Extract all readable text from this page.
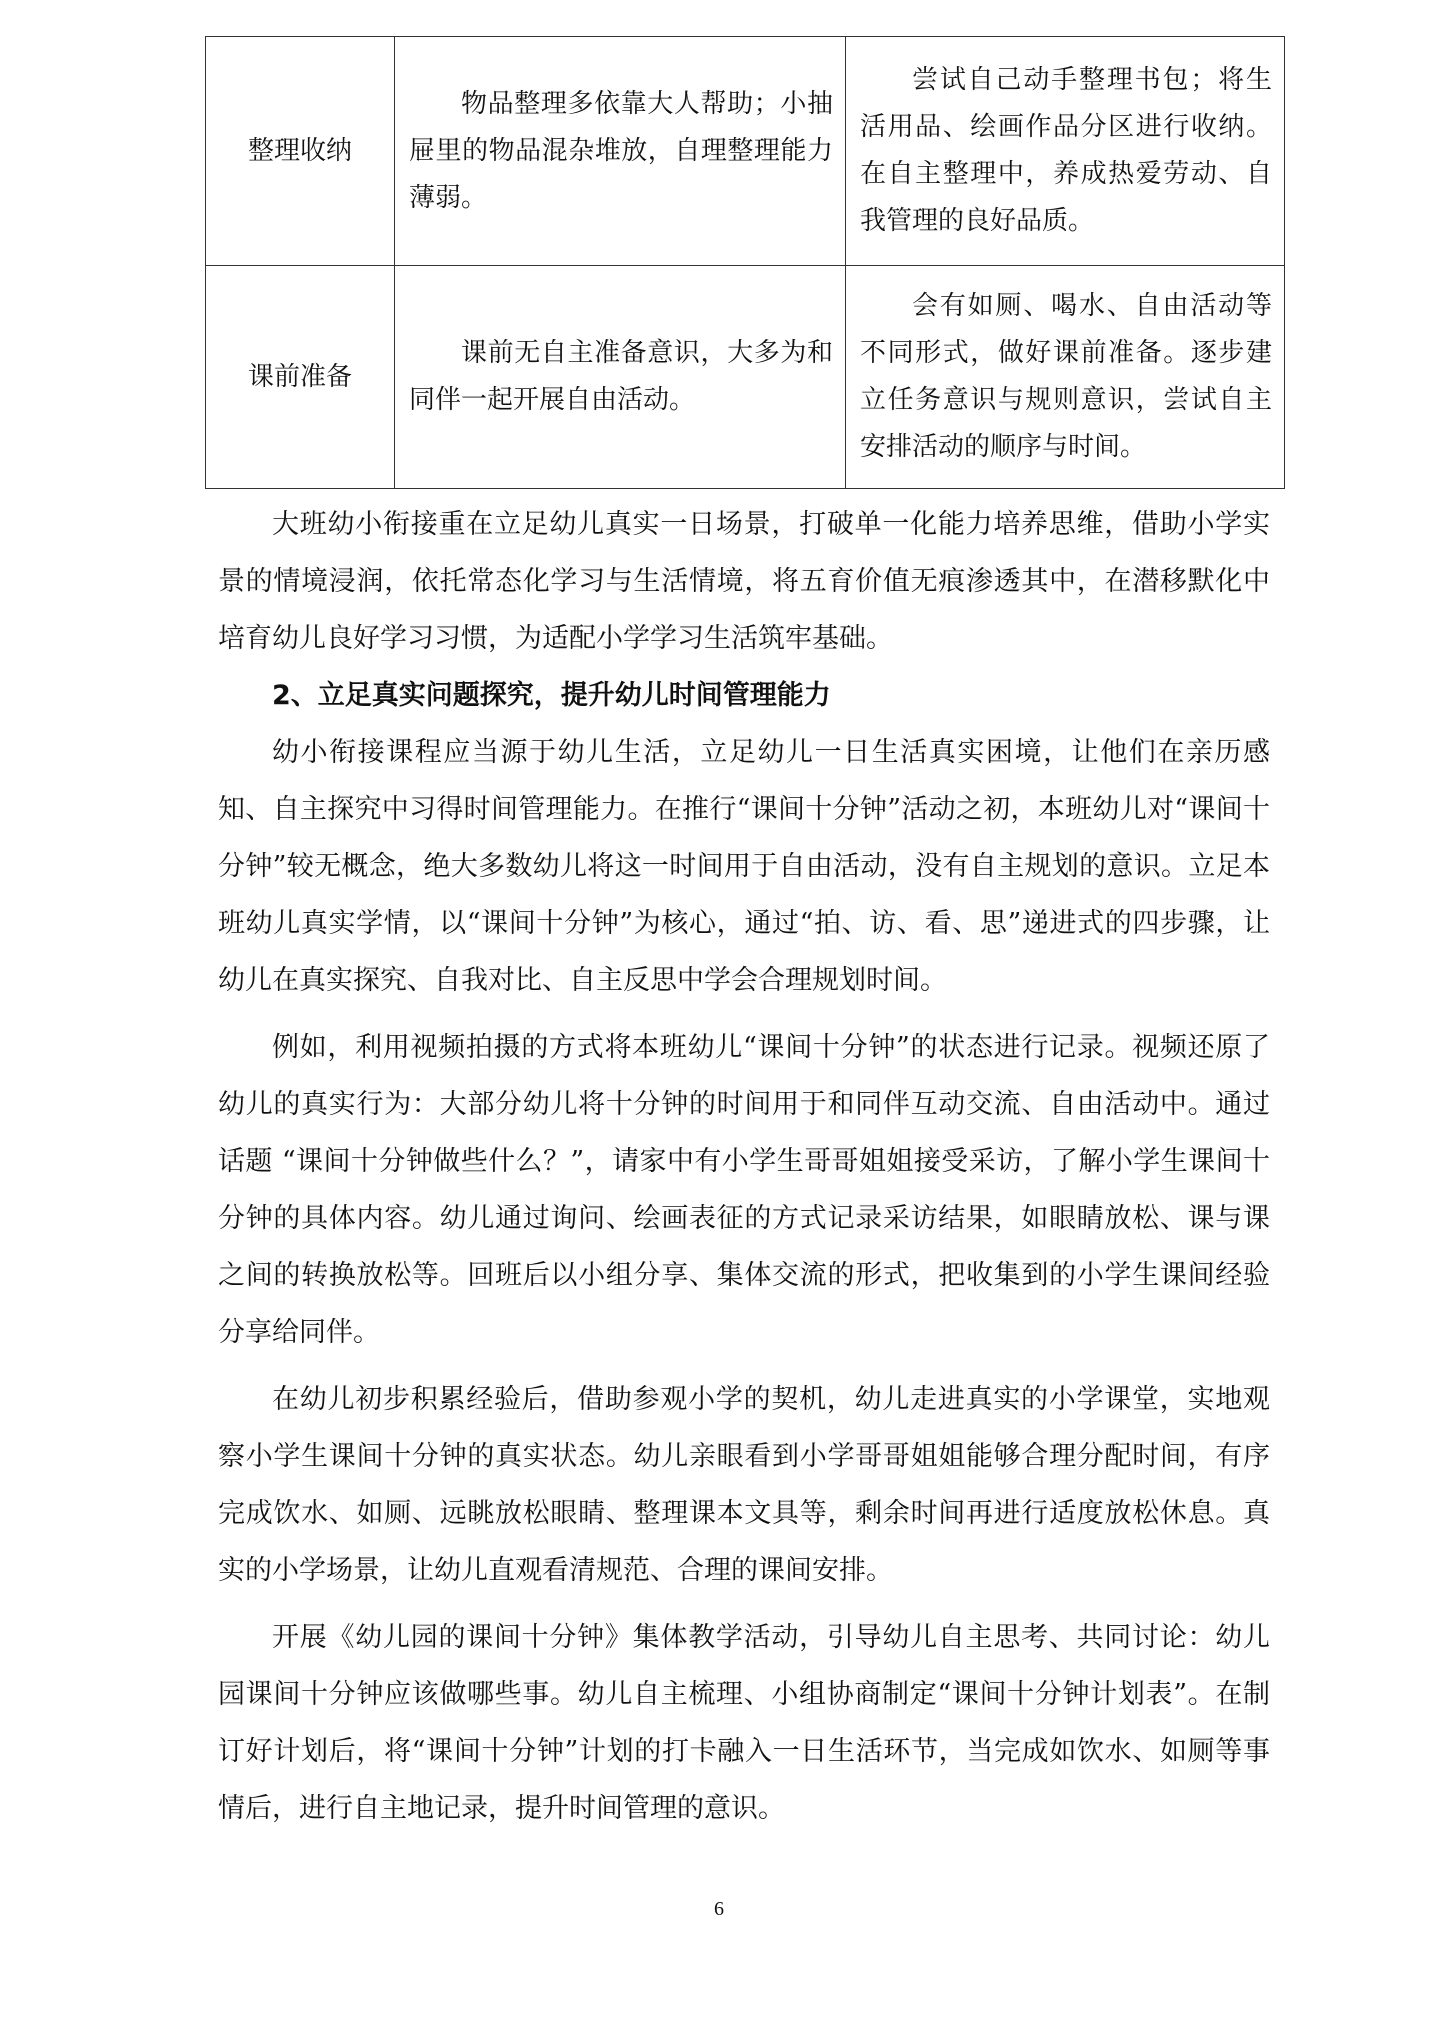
整理收纳	物品整理多依靠大人帮助；小抽屉里的物品混杂堆放，自理整理能力薄弱。	尝试自己动手整理书包；将生活用品、绘画作品分区进行收纳。在自主整理中，养成热爱劳动、自我管理的良好品质。

课前准备	课前无自主准备意识，大多为和同伴一起开展自由活动。	会有如厕、喝水、自由活动等不同形式，做好课前准备。逐步建立任务意识与规则意识，尝试自主安排活动的顺序与时间。

大班幼小衔接重在立足幼儿真实一日场景，打破单一化能力培养思维，借助小学实景的情境浸润，依托常态化学习与生活情境，将五育价值无痕渗透其中，在潜移默化中培育幼儿良好学习习惯，为适配小学学习生活筑牢基础。

2、立足真实问题探究，提升幼儿时间管理能力

幼小衔接课程应当源于幼儿生活，立足幼儿一日生活真实困境，让他们在亲历感知、自主探究中习得时间管理能力。在推行“课间十分钟”活动之初，本班幼儿对“课间十分钟”较无概念，绝大多数幼儿将这一时间用于自由活动，没有自主规划的意识。立足本班幼儿真实学情，以“课间十分钟”为核心，通过“拍、访、看、思”递进式的四步骤，让幼儿在真实探究、自我对比、自主反思中学会合理规划时间。

例如，利用视频拍摄的方式将本班幼儿“课间十分钟”的状态进行记录。视频还原了幼儿的真实行为：大部分幼儿将十分钟的时间用于和同伴互动交流、自由活动中。通过话题 “课间十分钟做些什么？”，请家中有小学生哥哥姐姐接受采访，了解小学生课间十分钟的具体内容。幼儿通过询问、绘画表征的方式记录采访结果，如眼睛放松、课与课之间的转换放松等。回班后以小组分享、集体交流的形式，把收集到的小学生课间经验分享给同伴。

在幼儿初步积累经验后，借助参观小学的契机，幼儿走进真实的小学课堂，实地观察小学生课间十分钟的真实状态。幼儿亲眼看到小学哥哥姐姐能够合理分配时间，有序完成饮水、如厕、远眺放松眼睛、整理课本文具等，剩余时间再进行适度放松休息。真实的小学场景，让幼儿直观看清规范、合理的课间安排。

开展《幼儿园的课间十分钟》集体教学活动，引导幼儿自主思考、共同讨论：幼儿园课间十分钟应该做哪些事。幼儿自主梳理、小组协商制定“课间十分钟计划表”。在制订好计划后，将“课间十分钟”计划的打卡融入一日生活环节，当完成如饮水、如厕等事情后，进行自主地记录，提升时间管理的意识。

6
